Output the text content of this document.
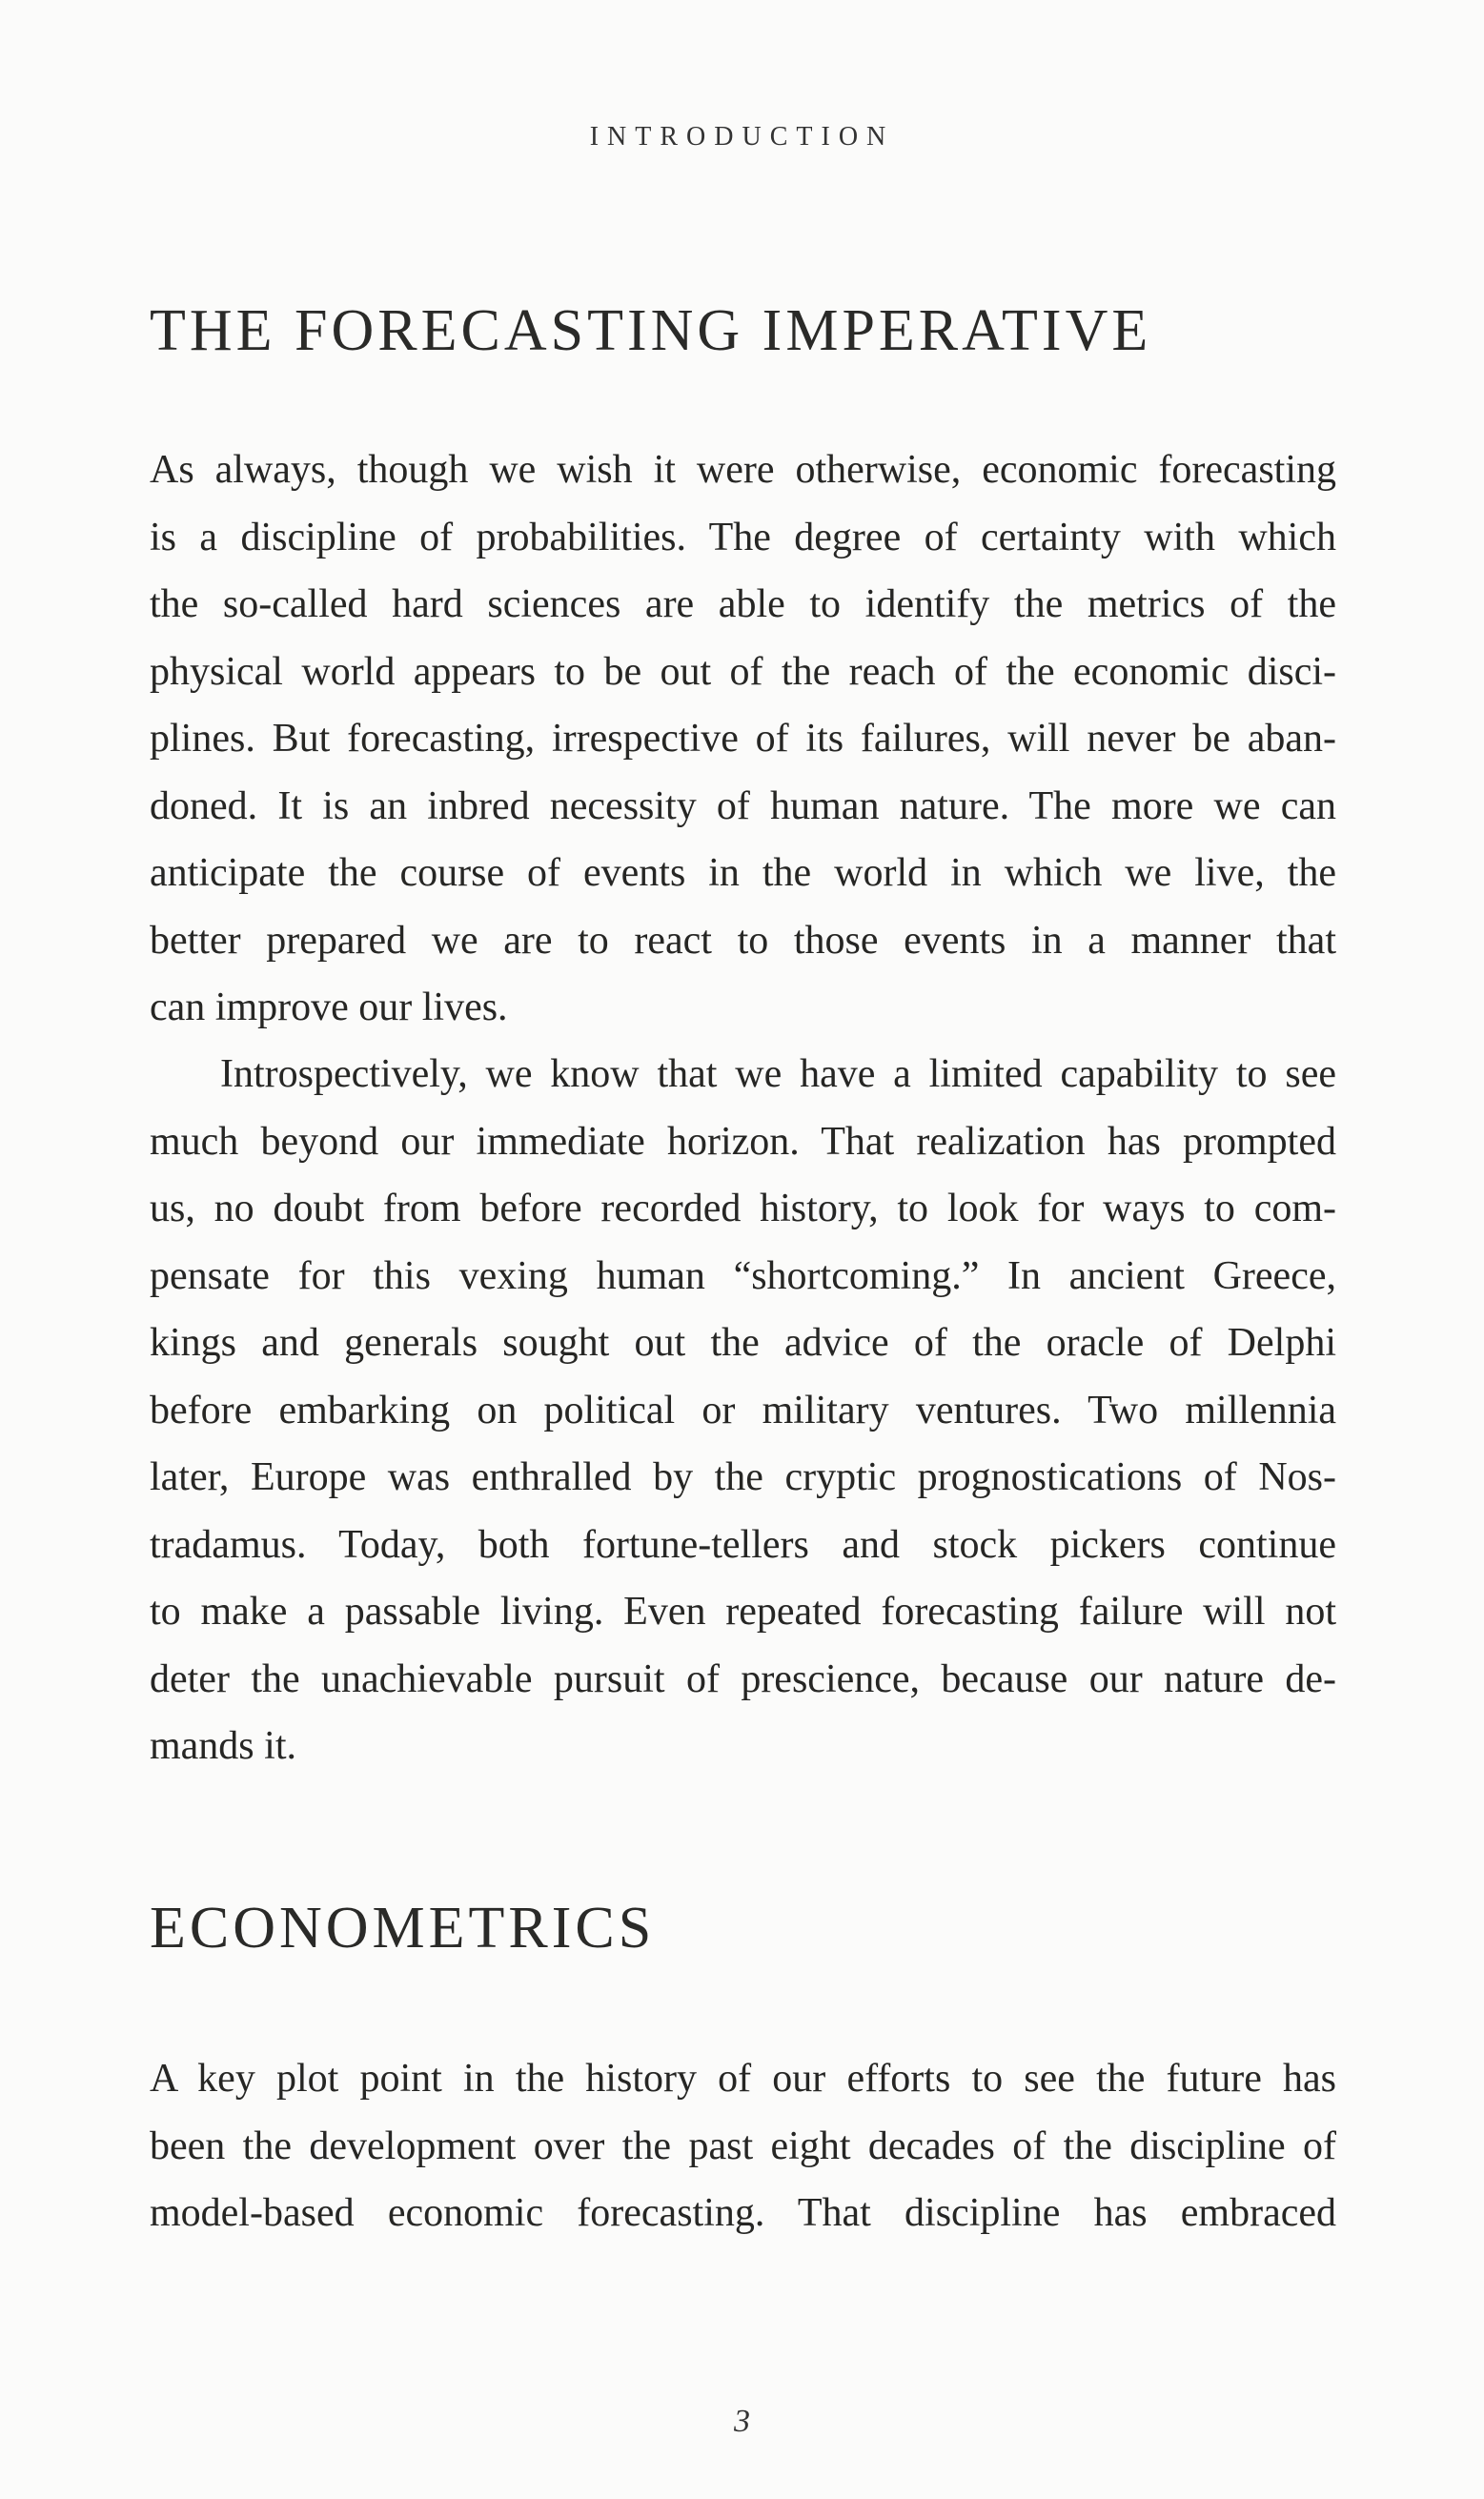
INTRODUCTION
THE FORECASTING IMPERATIVE

As always, though we wish it were otherwise, economic forecasting
is a discipline of probabilities. The degree of certainty with which
the so-called hard sciences are able to identify the metrics of the
physical world appears to be out of the reach of the economic disci-
plines. But forecasting, irrespective of its failures, will never be aban-
doned. It is an inbred necessity of human nature. The more we can
anticipate the course of events in the world in which we live, the
better prepared we are to react to those events in a manner that
can improve our lives.

Introspectively, we know that we have a limited capability to see
much beyond our immediate horizon. That realization has prompted
us, no doubt from before recorded history, to look for ways to com-
pensate for this vexing human “shortcoming.” In ancient Greece,
kings and generals sought out the advice of the oracle of Delphi
before embarking on political or military ventures. Two millennia
later, Europe was enthralled by the cryptic prognostications of Nos-
tradamus. Today, both fortune-tellers and stock pickers continue
to make a passable living. Even repeated forecasting failure will not
deter the unachievable pursuit of prescience, because our nature de-
mands it.

ECONOMETRICS

A key plot point in the history of our efforts to see the future has
been the development over the past eight decades of the discipline of
model-based economic forecasting. That discipline has embraced

3
